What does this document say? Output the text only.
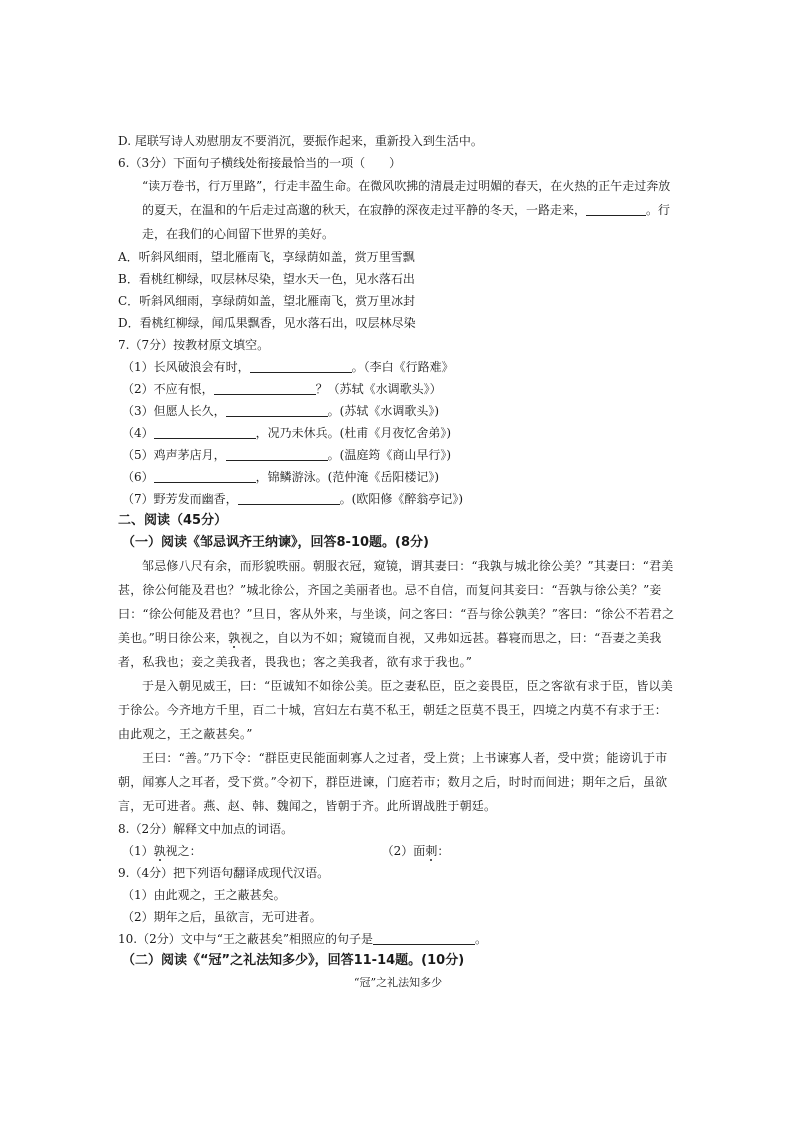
D. 尾联写诗人劝慰朋友不要消沉，要振作起来，重新投入到生活中。

6.（3分）下面句子横线处衔接最恰当的一项（　　）

“读万卷书，行万里路”，行走丰盈生命。在微风吹拂的清晨走过明媚的春天，在火热的正午走过奔放的夏天，在温和的午后走过高邈的秋天，在寂静的深夜走过平静的冬天，一路走来，	。行走，在我们的心间留下世界的美好。

A．听斜风细雨，望北雁南飞，享绿荫如盖，赏万里雪飘

B．看桃红柳绿，叹层林尽染，望水天一色，见水落石出

C．听斜风细雨，享绿荫如盖，望北雁南飞，赏万里冰封

D．看桃红柳绿，闻瓜果飘香，见水落石出，叹层林尽染

7.（7分）按教材原文填空。

（1）长风破浪会有时，	。（李白《行路难》

（2）不应有恨，	？（苏轼《水调歌头》）

（3）但愿人长久，	。(苏轼《水调歌头》)

（4）	，况乃未休兵。(杜甫《月夜忆舍弟》)

（5）鸡声茅店月，	。(温庭筠《商山早行》)

（6）	，锦鳞游泳。(范仲淹《岳阳楼记》)

（7）野芳发而幽香，	。(欧阳修《醉翁亭记》)

二、阅读（45分）

（一）阅读《邹忌讽齐王纳谏》，回答8-10题。(8分)

邹忌修八尺有余，而形貌昳丽。朝服衣冠，窥镜，谓其妻曰：“我孰与城北徐公美？”其妻曰：“君美甚，徐公何能及君也？”城北徐公，齐国之美丽者也。忌不自信，而复问其妾曰：“吾孰与徐公美？”妾曰：“徐公何能及君也？”旦日，客从外来，与坐谈，问之客曰：“吾与徐公孰美？”客曰：“徐公不若君之美也。”明日徐公来，孰视之，自以为不如；窥镜而自视，又弗如远甚。暮寝而思之，曰：“吾妻之美我者，私我也；妾之美我者，畏我也；客之美我者，欲有求于我也。”

于是入朝见威王，曰：“臣诚知不如徐公美。臣之妻私臣，臣之妾畏臣，臣之客欲有求于臣，皆以美于徐公。今齐地方千里，百二十城，宫妇左右莫不私王，朝廷之臣莫不畏王，四境之内莫不有求于王：由此观之，王之蔽甚矣。”

王曰：“善。”乃下令：“群臣吏民能面刺寡人之过者，受上赏；上书谏寡人者，受中赏；能谤讥于市朝，闻寡人之耳者，受下赏。”令初下，群臣进谏，门庭若市；数月之后，时时而间进；期年之后，虽欲言，无可进者。燕、赵、韩、魏闻之，皆朝于齐。此所谓战胜于朝廷。

8.（2分）解释文中加点的词语。

（1）孰视之：	（2）面刺：

9.（4分）把下列语句翻译成现代汉语。

（1）由此观之，王之蔽甚矣。

（2）期年之后，虽欲言，无可进者。

10.（2分）文中与“王之蔽甚矣”相照应的句子是	。

（二）阅读《“冠”之礼法知多少》，回答11-14题。(10分)

“冠”之礼法知多少
